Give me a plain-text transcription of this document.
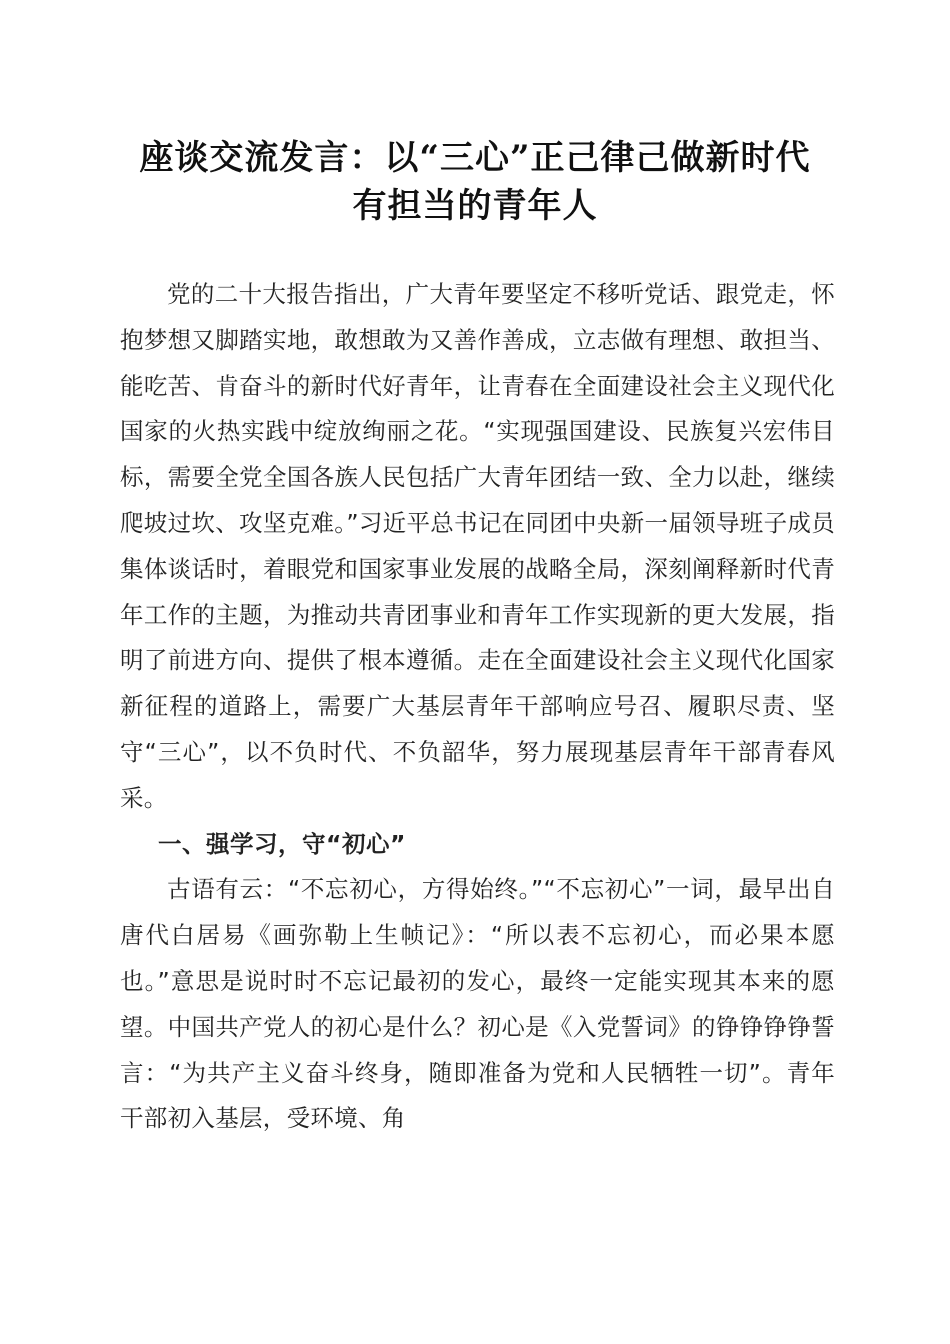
座谈交流发言：以“三心”正己律己做新时代
有担当的青年人

党的二十大报告指出，广大青年要坚定不移听党话、跟党走，怀抱梦想又脚踏实地，敢想敢为又善作善成，立志做有理想、敢担当、能吃苦、肯奋斗的新时代好青年，让青春在全面建设社会主义现代化国家的火热实践中绽放绚丽之花。“实现强国建设、民族复兴宏伟目标，需要全党全国各族人民包括广大青年团结一致、全力以赴，继续爬坡过坎、攻坚克难。”习近平总书记在同团中央新一届领导班子成员集体谈话时，着眼党和国家事业发展的战略全局，深刻阐释新时代青年工作的主题，为推动共青团事业和青年工作实现新的更大发展，指明了前进方向、提供了根本遵循。走在全面建设社会主义现代化国家新征程的道路上，需要广大基层青年干部响应号召、履职尽责、坚守“三心”，以不负时代、不负韶华，努力展现基层青年干部青春风采。

一、强学习，守“初心”

古语有云：“不忘初心，方得始终。”“不忘初心”一词，最早出自唐代白居易《画弥勒上生帧记》：“所以表不忘初心，而必果本愿也。”意思是说时时不忘记最初的发心，最终一定能实现其本来的愿望。中国共产党人的初心是什么？初心是《入党誓词》的铮铮铮铮誓言：“为共产主义奋斗终身，随即准备为党和人民牺牲一切”。青年干部初入基层，受环境、角
